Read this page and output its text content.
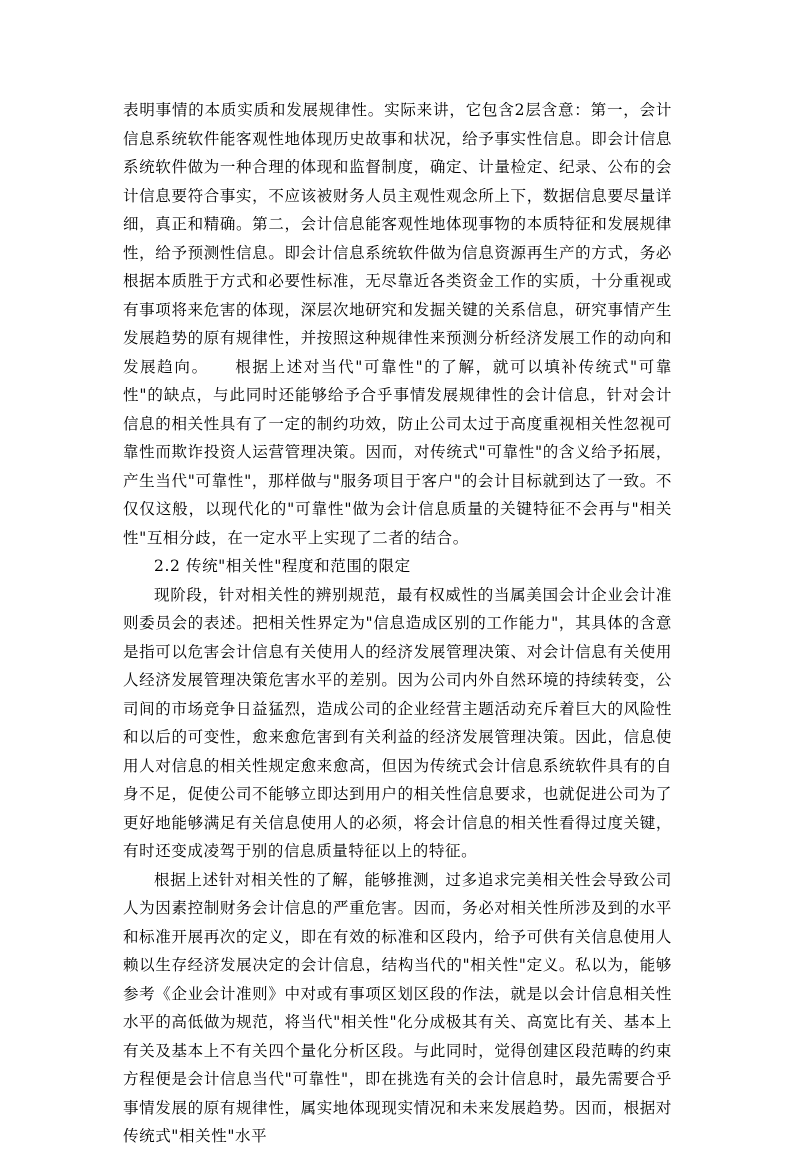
表明事情的本质实质和发展规律性。实际来讲，它包含2层含意：第一，会计信息系统软件能客观性地体现历史故事和状况，给予事实性信息。即会计信息系统软件做为一种合理的体现和监督制度，确定、计量检定、纪录、公布的会计信息要符合事实，不应该被财务人员主观性观念所上下，数据信息要尽量详细，真正和精确。第二，会计信息能客观性地体现事物的本质特征和发展规律性，给予预测性信息。即会计信息系统软件做为信息资源再生产的方式，务必根据本质胜于方式和必要性标准，无尽靠近各类资金工作的实质，十分重视或有事项将来危害的体现，深层次地研究和发掘关键的关系信息，研究事情产生发展趋势的原有规律性，并按照这种规律性来预测分析经济发展工作的动向和发展趋向。　　根据上述对当代"可靠性"的了解，就可以填补传统式"可靠性"的缺点，与此同时还能够给予合乎事情发展规律性的会计信息，针对会计信息的相关性具有了一定的制约功效，防止公司太过于高度重视相关性忽视可靠性而欺诈投资人运营管理决策。因而，对传统式"可靠性"的含义给予拓展，产生当代"可靠性"，那样做与"服务项目于客户"的会计目标就到达了一致。不仅仅这般，以现代化的"可靠性"做为会计信息质量的关键特征不会再与"相关性"互相分歧，在一定水平上实现了二者的结合。

2.2 传统"相关性"程度和范围的限定

现阶段，针对相关性的辨别规范，最有权威性的当属美国会计企业会计准则委员会的表述。把相关性界定为"信息造成区别的工作能力"，其具体的含意是指可以危害会计信息有关使用人的经济发展管理决策、对会计信息有关使用人经济发展管理决策危害水平的差别。因为公司内外自然环境的持续转变，公司间的市场竞争日益猛烈，造成公司的企业经营主题活动充斥着巨大的风险性和以后的可变性，愈来愈危害到有关利益的经济发展管理决策。因此，信息使用人对信息的相关性规定愈来愈高，但因为传统式会计信息系统软件具有的自身不足，促使公司不能够立即达到用户的相关性信息要求，也就促进公司为了更好地能够满足有关信息使用人的必须，将会计信息的相关性看得过度关键，有时还变成凌驾于别的信息质量特征以上的特征。

根据上述针对相关性的了解，能够推测，过多追求完美相关性会导致公司人为因素控制财务会计信息的严重危害。因而，务必对相关性所涉及到的水平和标准开展再次的定义，即在有效的标准和区段内，给予可供有关信息使用人赖以生存经济发展决定的会计信息，结构当代的"相关性"定义。私以为，能够参考《企业会计准则》中对或有事项区划区段的作法，就是以会计信息相关性水平的高低做为规范，将当代"相关性"化分成极其有关、高宽比有关、基本上有关及基本上不有关四个量化分析区段。与此同时，觉得创建区段范畴的约束方程便是会计信息当代"可靠性"，即在挑选有关的会计信息时，最先需要合乎事情发展的原有规律性，属实地体现现实情况和未来发展趋势。因而，根据对传统式"相关性"水平
